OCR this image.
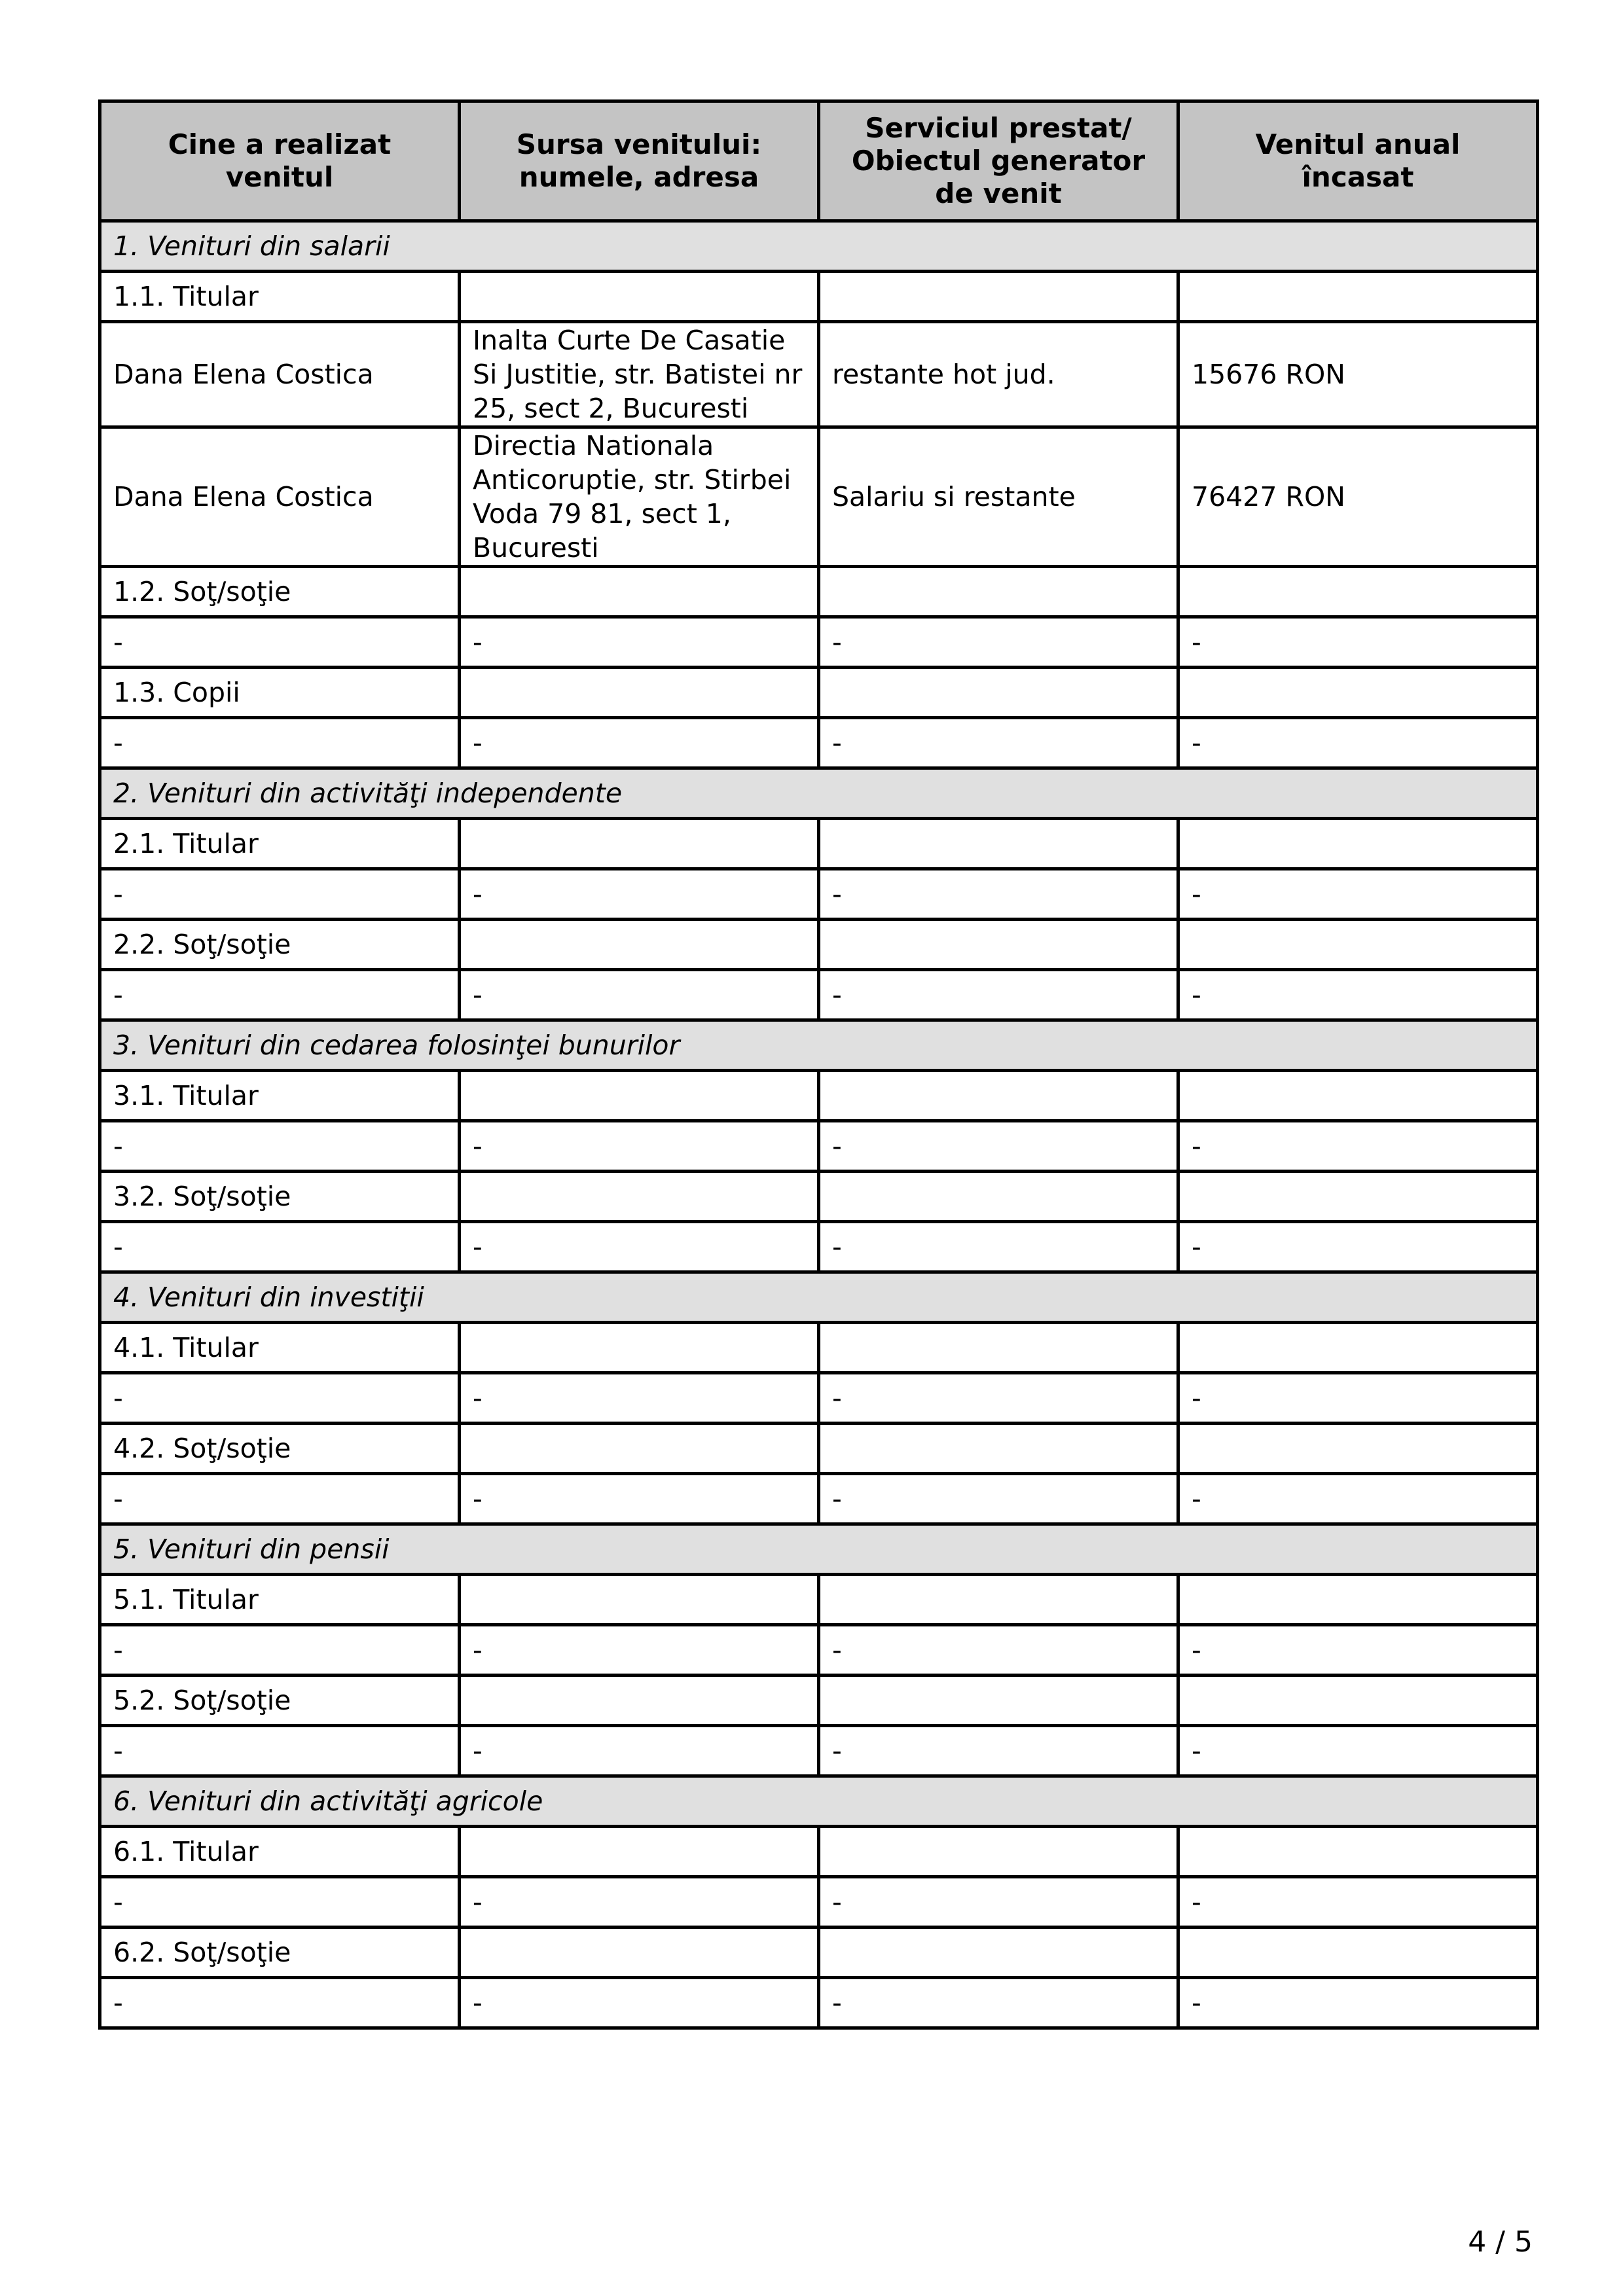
Cine a realizat venitul	Sursa venitului: numele, adresa	Serviciul prestat/ Obiectul generator de venit	Venitul anual încasat
1. Venituri din salarii			
1.1. Titular			
Dana Elena Costica	Inalta Curte De Casatie Si Justitie, str. Batistei nr 25, sect 2, Bucuresti	restante hot jud.	15676 RON
Dana Elena Costica	Directia Nationala Anticoruptie, str. Stirbei Voda 79 81, sect 1, Bucuresti	Salariu si restante	76427 RON
1.2. Soţ/soţie			
-	-	-	-
1.3. Copii			
-	-	-	-
2. Venituri din activităţi independente			
2.1. Titular			
-	-	-	-
2.2. Soţ/soţie			
-	-	-	-
3. Venituri din cedarea folosinţei bunurilor			
3.1. Titular			
-	-	-	-
3.2. Soţ/soţie			
-	-	-	-
4. Venituri din investiţii			
4.1. Titular			
-	-	-	-
4.2. Soţ/soţie			
-	-	-	-
5. Venituri din pensii			
5.1. Titular			
-	-	-	-
5.2. Soţ/soţie			
-	-	-	-
6. Venituri din activităţi agricole			
6.1. Titular			
-	-	-	-
6.2. Soţ/soţie			
-	-	-	-
4 / 5
